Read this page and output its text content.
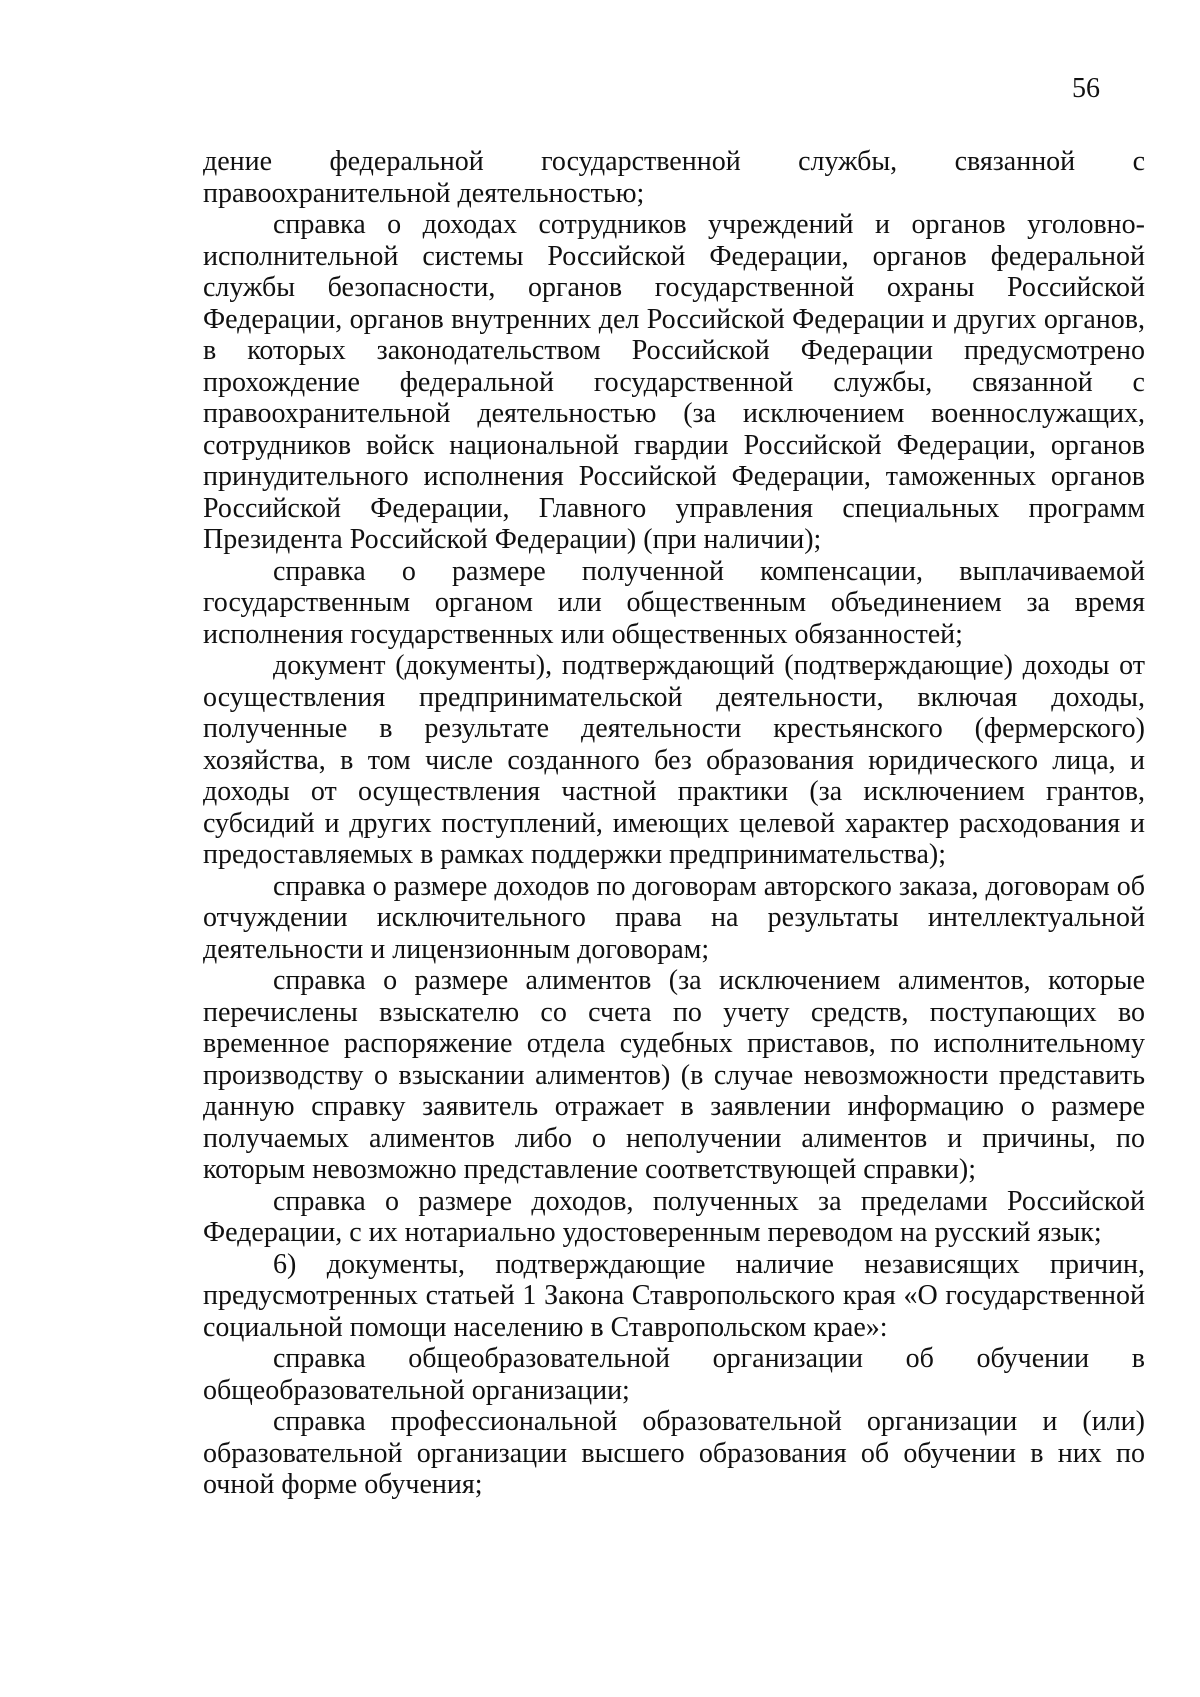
56

дение федеральной государственной службы, связанной с правоохранительной деятельностью;

справка о доходах сотрудников учреждений и органов уголовно-исполнительной системы Российской Федерации, органов федеральной службы безопасности, органов государственной охраны Российской Федерации, органов внутренних дел Российской Федерации и других органов, в которых законодательством Российской Федерации предусмотрено прохождение федеральной государственной службы, связанной с правоохранительной деятельностью (за исключением военнослужащих, сотрудников войск национальной гвардии Российской Федерации, органов принудительного исполнения Российской Федерации, таможенных органов Российской Федерации, Главного управления специальных программ Президента Российской Федерации) (при наличии);

справка о размере полученной компенсации, выплачиваемой государственным органом или общественным объединением за время исполнения государственных или общественных обязанностей;

документ (документы), подтверждающий (подтверждающие) доходы от осуществления предпринимательской деятельности, включая доходы, полученные в результате деятельности крестьянского (фермерского) хозяйства, в том числе созданного без образования юридического лица, и доходы от осуществления частной практики (за исключением грантов, субсидий и других поступлений, имеющих целевой характер расходования и предоставляемых в рамках поддержки предпринимательства);

справка о размере доходов по договорам авторского заказа, договорам об отчуждении исключительного права на результаты интеллектуальной деятельности и лицензионным договорам;

справка о размере алиментов (за исключением алиментов, которые перечислены взыскателю со счета по учету средств, поступающих во временное распоряжение отдела судебных приставов, по исполнительному производству о взыскании алиментов) (в случае невозможности представить данную справку заявитель отражает в заявлении информацию о размере получаемых алиментов либо о неполучении алиментов и причины, по которым невозможно представление соответствующей справки);

справка о размере доходов, полученных за пределами Российской Федерации, с их нотариально удостоверенным переводом на русский язык;

6) документы, подтверждающие наличие независящих причин, предусмотренных статьей 1 Закона Ставропольского края «О государственной социальной помощи населению в Ставропольском крае»:

справка общеобразовательной организации об обучении в общеобразовательной организации;

справка профессиональной образовательной организации и (или) образовательной организации высшего образования об обучении в них по очной форме обучения;
